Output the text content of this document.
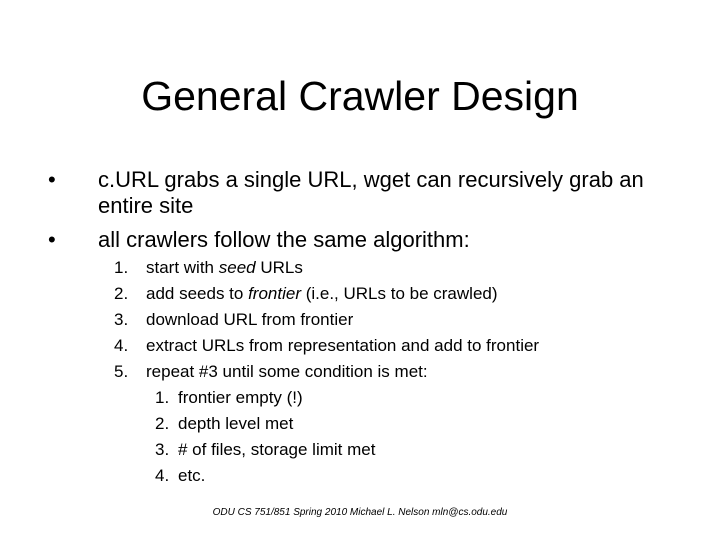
General Crawler Design
•	c.URL grabs a single URL, wget can recursively grab an entire site
•	all crawlers follow the same algorithm:
1. start with seed URLs
2. add seeds to frontier (i.e., URLs to be crawled)
3. download URL from frontier
4. extract URLs from representation and add to frontier
5. repeat #3 until some condition is met:
1. frontier empty (!)
2. depth level met
3. # of files, storage limit met
4. etc.
ODU CS 751/851 Spring 2010 Michael L. Nelson mln@cs.odu.edu
